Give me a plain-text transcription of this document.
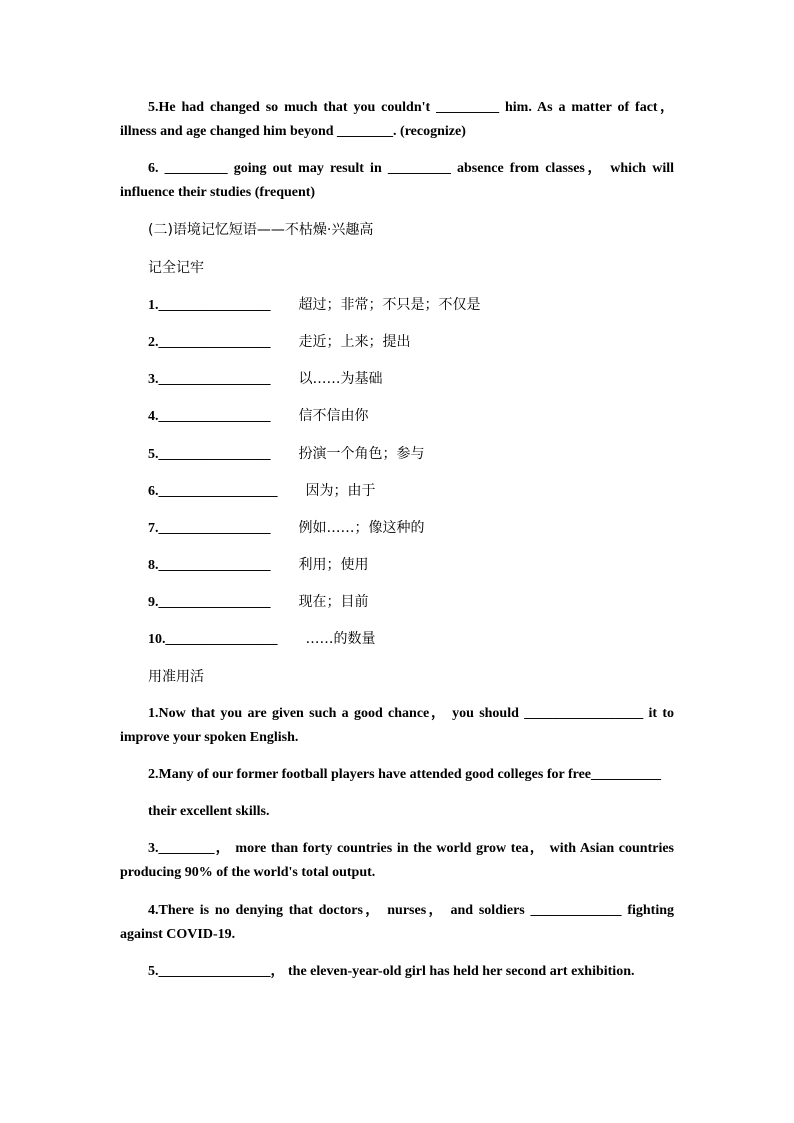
5.He had changed so much that you couldn't _________ him. As a matter of fact，
illness and age changed him beyond ________. (recognize)
6. _________ going out may result in _________ absence from classes， which will
influence their studies (frequent)
(二)语境记忆短语——不枯燥·兴趣高
记全记牢
1.________________ 超过；非常；不只是；不仅是
2.________________ 走近；上来；提出
3.________________ 以……为基础
4.________________ 信不信由你
5.________________ 扮演一个角色；参与
6._________________ 因为；由于
7.________________ 例如……；像这种的
8.________________ 利用；使用
9.________________ 现在；目前
10.________________ ……的数量
用准用活
1.Now that you are given such a good chance， you should _________________ it to
improve your spoken English.
2.Many of our former football players have attended good colleges for free__________
their excellent skills.
3.________， more than forty countries in the world grow tea， with Asian countries
producing 90% of the world's total output.
4.There is no denying that doctors， nurses， and soldiers _____________ fighting
against COVID-19.
5.________________， the eleven-year-old girl has held her second art exhibition.
